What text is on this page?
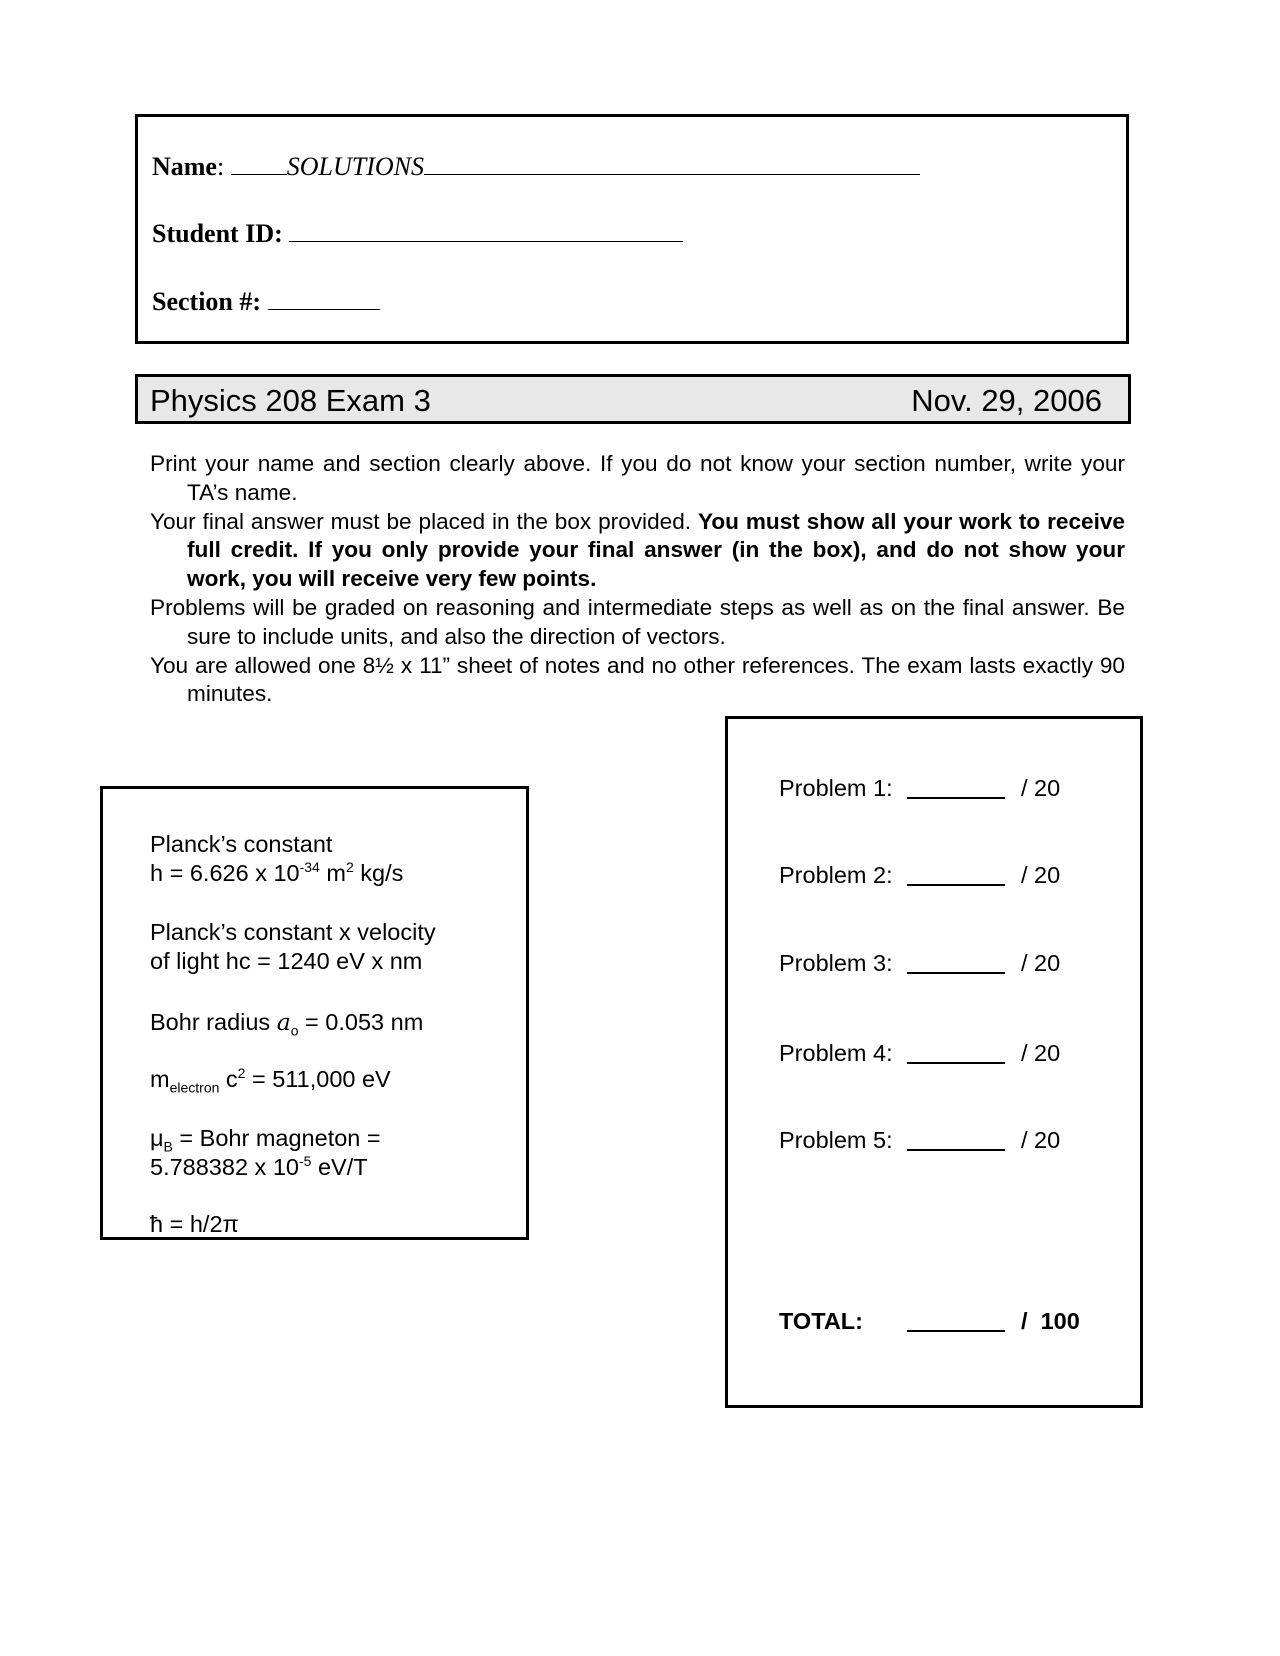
Name: SOLUTIONS
Student ID:
Section #:
Physics 208 Exam 3	Nov. 29, 2006
Print your name and section clearly above. If you do not know your section number, write your TA’s name.
Your final answer must be placed in the box provided. You must show all your work to receive full credit. If you only provide your final answer (in the box), and do not show your work, you will receive very few points.
Problems will be graded on reasoning and intermediate steps as well as on the final answer. Be sure to include units, and also the direction of vectors.
You are allowed one 8½ x 11” sheet of notes and no other references. The exam lasts exactly 90 minutes.
Planck’s constant
h = 6.626 x $10^{-34}$ $m^2$ kg/s
Planck’s constant x velocity
of light hc = 1240 eV x nm
Bohr radius $a_o = 0.053$ nm
$m_{electron}$ $c^2 = 511,000$ eV
$\mu_B$ = Bohr magneton =
5.788382 x $10^{-5}$ eV/T
ħ = h/2π
Problem 1:	/ 20
Problem 2:	/ 20
Problem 3:	/ 20
Problem 4:	/ 20
Problem 5:	/ 20
TOTAL:	/  100
